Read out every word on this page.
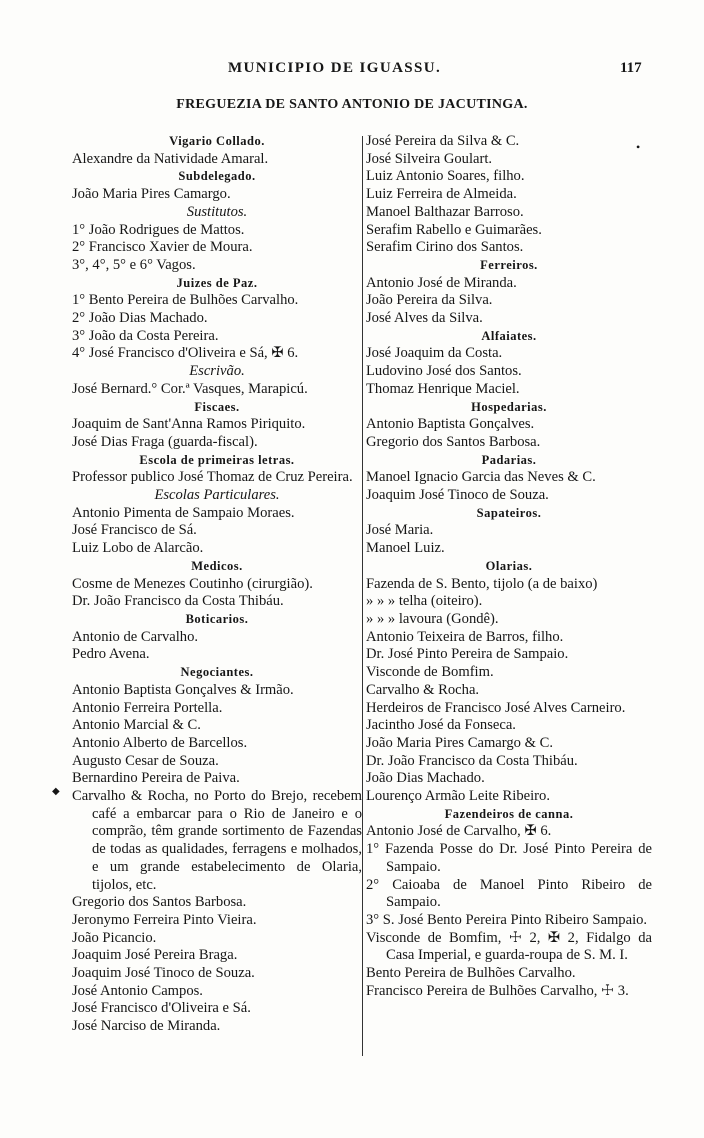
MUNICIPIO DE IGUASSU.	117
FREGUEZIA DE SANTO ANTONIO DE JACUTINGA.
Vigario Collado.
Alexandre da Natividade Amaral.
Subdelegado.
João Maria Pires Camargo.
Sustitutos.
1° João Rodrigues de Mattos.
2° Francisco Xavier de Moura.
3°, 4°, 5° e 6° Vagos.
Juizes de Paz.
1° Bento Pereira de Bulhões Carvalho.
2° João Dias Machado.
3° João da Costa Pereira.
4° José Francisco d'Oliveira e Sá, ✠ 6.
Escrivão.
José Bernard.° Cor.ª Vasques, Marapicú.
Fiscaes.
Joaquim de Sant'Anna Ramos Piriquito.
José Dias Fraga (guarda-fiscal).
Escola de primeiras letras.
Professor publico José Thomaz de Cruz Pereira.
Escolas Particulares.
Antonio Pimenta de Sampaio Moraes.
José Francisco de Sá.
Luiz Lobo de Alarcão.
Medicos.
Cosme de Menezes Coutinho (cirurgião).
Dr. João Francisco da Costa Thibáu.
Boticarios.
Antonio de Carvalho.
Pedro Avena.
Negociantes.
Antonio Baptista Gonçalves & Irmão.
Antonio Ferreira Portella.
Antonio Marcial & C.
Antonio Alberto de Barcellos.
Augusto Cesar de Souza.
Bernardino Pereira de Paiva.
Carvalho & Rocha, no Porto do Brejo, recebem café a embarcar para o Rio de Janeiro e o comprão, têm grande sortimento de Fazendas de todas as qualidades, ferragens e molhados, e um grande estabelecimento de Olaria, tijolos, etc.
Gregorio dos Santos Barbosa.
Jeronymo Ferreira Pinto Vieira.
João Picancio.
Joaquim José Pereira Braga.
Joaquim José Tinoco de Souza.
José Antonio Campos.
José Francisco d'Oliveira e Sá.
José Narciso de Miranda.
José Pereira da Silva & C.
José Silveira Goulart.
Luiz Antonio Soares, filho.
Luiz Ferreira de Almeida.
Manoel Balthazar Barroso.
Serafim Rabello e Guimarães.
Serafim Cirino dos Santos.
Ferreiros.
Antonio José de Miranda.
João Pereira da Silva.
José Alves da Silva.
Alfaiates.
José Joaquim da Costa.
Ludovino José dos Santos.
Thomaz Henrique Maciel.
Hospedarias.
Antonio Baptista Gonçalves.
Gregorio dos Santos Barbosa.
Padarias.
Manoel Ignacio Garcia das Neves & C.
Joaquim José Tinoco de Souza.
Sapateiros.
José Maria.
Manoel Luiz.
Olarias.
Fazenda de S. Bento, tijolo (a de baixo)
» » » telha (oiteiro).
» » » lavoura (Gondê).
Antonio Teixeira de Barros, filho.
Dr. José Pinto Pereira de Sampaio.
Visconde de Bomfim.
Carvalho & Rocha.
Herdeiros de Francisco José Alves Carneiro.
Jacintho José da Fonseca.
João Maria Pires Camargo & C.
Dr. João Francisco da Costa Thibáu.
João Dias Machado.
Lourenço Armão Leite Ribeiro.
Fazendeiros de canna.
Antonio José de Carvalho, ✠ 6.
1° Fazenda Posse do Dr. José Pinto Pereira de Sampaio.
2° Caioaba de Manoel Pinto Ribeiro de Sampaio.
3° S. José Bento Pereira Pinto Ribeiro Sampaio.
Visconde de Bomfim, ☩ 2, ✠ 2, Fidalgo da Casa Imperial, e guarda-roupa de S. M. I.
Bento Pereira de Bulhões Carvalho.
Francisco Pereira de Bulhões Carvalho, ☩ 3.
•
◆
